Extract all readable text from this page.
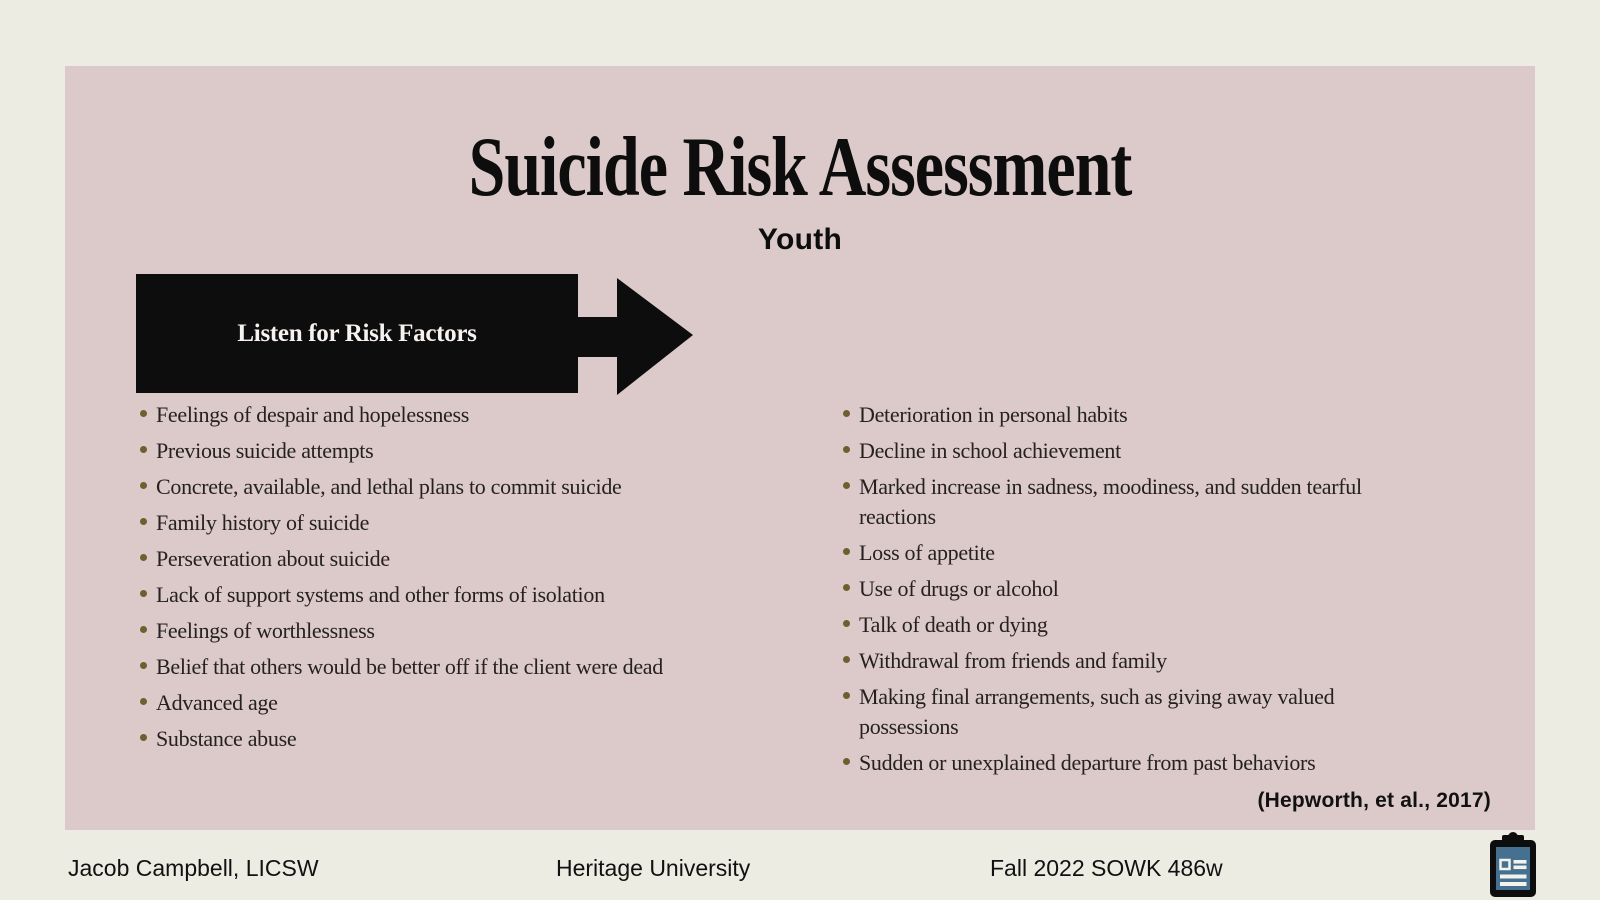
Suicide Risk Assessment
Youth
Listen for Risk Factors
Feelings of despair and hopelessness
Previous suicide attempts
Concrete, available, and lethal plans to commit suicide
Family history of suicide
Perseveration about suicide
Lack of support systems and other forms of isolation
Feelings of worthlessness
Belief that others would be better off if the client were dead
Advanced age
Substance abuse
Deterioration in personal habits
Decline in school achievement
Marked increase in sadness, moodiness, and sudden tearful reactions
Loss of appetite
Use of drugs or alcohol
Talk of death or dying
Withdrawal from friends and family
Making final arrangements, such as giving away valued possessions
Sudden or unexplained departure from past behaviors
(Hepworth, et al., 2017)
Jacob Campbell, LICSW	Heritage University	Fall 2022 SOWK 486w
